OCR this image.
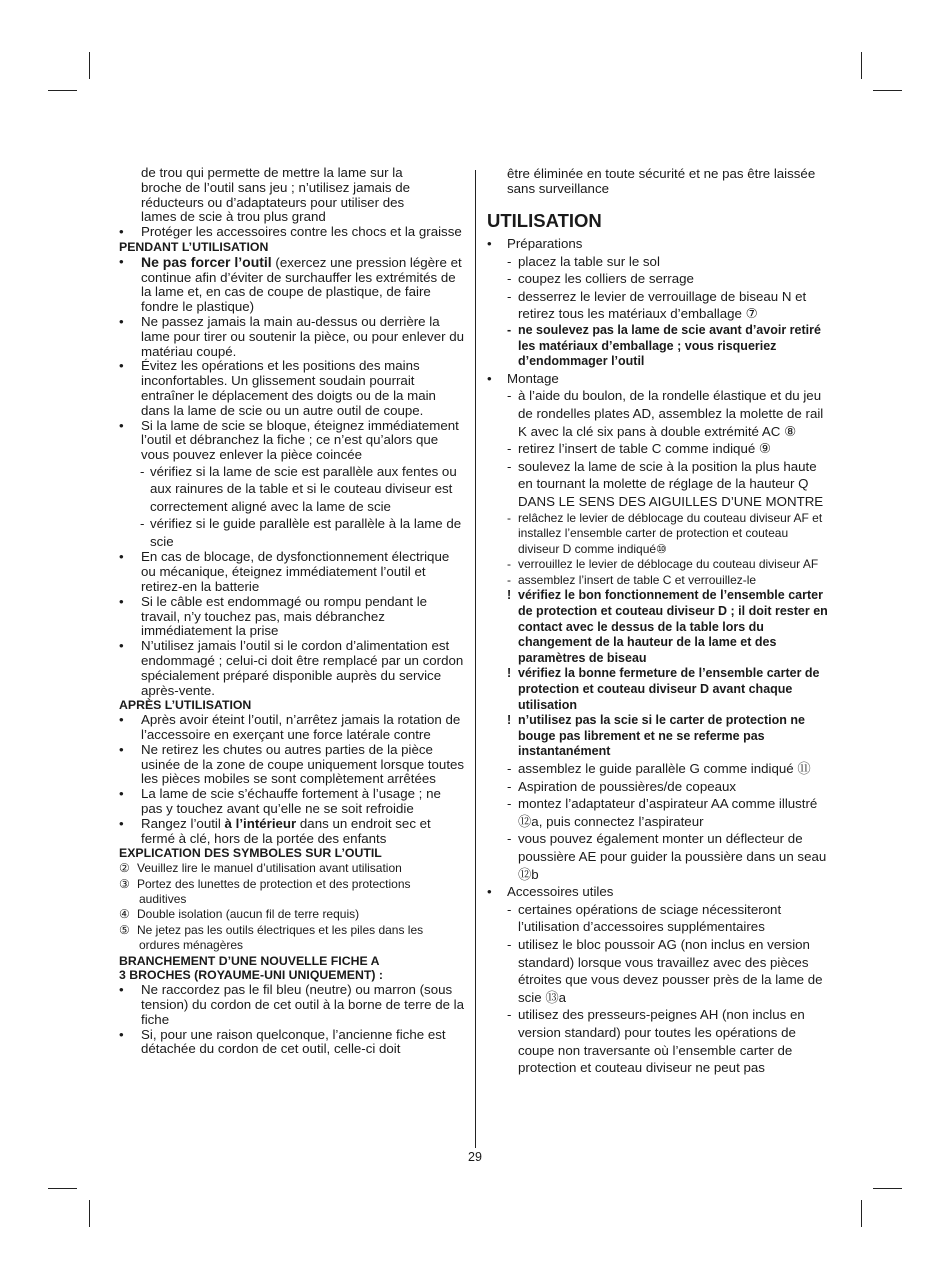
de trou qui permette de mettre la lame sur la

broche de l’outil sans jeu ; n’utilisez jamais de

réducteurs ou d’adaptateurs pour utiliser des

lames de scie à trou plus grand

• Protéger les accessoires contre les chocs et la graisse

PENDANT L’UTILISATION

• Ne pas forcer l’outil (exercez une pression légère et continue afin d’éviter de surchauffer les extrémités de la lame et, en cas de coupe de plastique, de faire fondre le plastique)

• Ne passez jamais la main au-dessus ou derrière la lame pour tirer ou soutenir la pièce, ou pour enlever du matériau coupé.

• Évitez les opérations et les positions des mains inconfortables. Un glissement soudain pourrait entraîner le déplacement des doigts ou de la main dans la lame de scie ou un autre outil de coupe.

• Si la lame de scie se bloque, éteignez immédiatement l’outil et débranchez la fiche ; ce n’est qu’alors que vous pouvez enlever la pièce coincée

- vérifiez si la lame de scie est parallèle aux fentes ou aux rainures de la table et si le couteau diviseur est correctement aligné avec la lame de scie

- vérifiez si le guide parallèle est parallèle à la lame de scie

• En cas de blocage, de dysfonctionnement électrique ou mécanique, éteignez immédiatement l’outil et retirez-en la batterie

• Si le câble est endommagé ou rompu pendant le travail, n’y touchez pas, mais débranchez immédiatement la prise

• N’utilisez jamais l’outil si le cordon d’alimentation est endommagé ; celui-ci doit être remplacé par un cordon spécialement préparé disponible auprès du service après-vente.

APRÈS L’UTILISATION

• Après avoir éteint l’outil, n’arrêtez jamais la rotation de l’accessoire en exerçant une force latérale contre

• Ne retirez les chutes ou autres parties de la pièce usinée de la zone de coupe uniquement lorsque toutes les pièces mobiles se sont complètement arrêtées

• La lame de scie s’échauffe fortement à l’usage ; ne pas y touchez avant qu’elle ne se soit refroidie

• Rangez l’outil à l’intérieur dans un endroit sec et fermé à clé, hors de la portée des enfants

EXPLICATION DES SYMBOLES SUR L’OUTIL

② Veuillez lire le manuel d’utilisation avant utilisation

③ Portez des lunettes de protection et des protections
auditives

④ Double isolation (aucun fil de terre requis)

⑤ Ne jetez pas les outils électriques et les piles dans les
ordures ménagères

BRANCHEMENT D’UNE NOUVELLE FICHE A

3 BROCHES (ROYAUME-UNI UNIQUEMENT) :

• Ne raccordez pas le fil bleu (neutre) ou marron (sous tension) du cordon de cet outil à la borne de terre de la fiche

• Si, pour une raison quelconque, l’ancienne fiche est détachée du cordon de cet outil, celle-ci doit

être éliminée en toute sécurité et ne pas être laissée sans surveillance

UTILISATION

• Préparations

- placez la table sur le sol

- coupez les colliers de serrage

- desserrez le levier de verrouillage de biseau N et retirez tous les matériaux d’emballage ⑦

- ne soulevez pas la lame de scie avant d’avoir retiré les matériaux d’emballage ; vous risqueriez d’endommager l’outil

• Montage

- à l’aide du boulon, de la rondelle élastique et du jeu de rondelles plates AD, assemblez la molette de rail K avec la clé six pans à double extrémité AC ⑧

- retirez l’insert de table C comme indiqué ⑨

- soulevez la lame de scie à la position la plus haute en tournant la molette de réglage de la hauteur Q DANS LE SENS DES AIGUILLES D’UNE MONTRE

- relâchez le levier de déblocage du couteau diviseur AF et installez l’ensemble carter de protection et couteau diviseur D comme indiqué⑩

- verrouillez le levier de déblocage du couteau diviseur AF

- assemblez l’insert de table C et verrouillez-le

! vérifiez le bon fonctionnement de l’ensemble carter de protection et couteau diviseur D ; il doit rester en contact avec le dessus de la table lors du changement de la hauteur de la lame et des paramètres de biseau

! vérifiez la bonne fermeture de l’ensemble carter de protection et couteau diviseur D avant chaque utilisation

! n’utilisez pas la scie si le carter de protection ne bouge pas librement et ne se referme pas instantanément

- assemblez le guide parallèle G comme indiqué ⑪

- Aspiration de poussières/de copeaux

- montez l’adaptateur d’aspirateur AA comme illustré ⑫a, puis connectez l’aspirateur

- vous pouvez également monter un déflecteur de poussière AE pour guider la poussière dans un seau ⑫b

• Accessoires utiles

- certaines opérations de sciage nécessiteront l’utilisation d’accessoires supplémentaires

- utilisez le bloc poussoir AG (non inclus en version standard) lorsque vous travaillez avec des pièces étroites que vous devez pousser près de la lame de scie ⑬a

- utilisez des presseurs-peignes AH (non inclus en version standard) pour toutes les opérations de coupe non traversante où l’ensemble carter de protection et couteau diviseur ne peut pas

29
